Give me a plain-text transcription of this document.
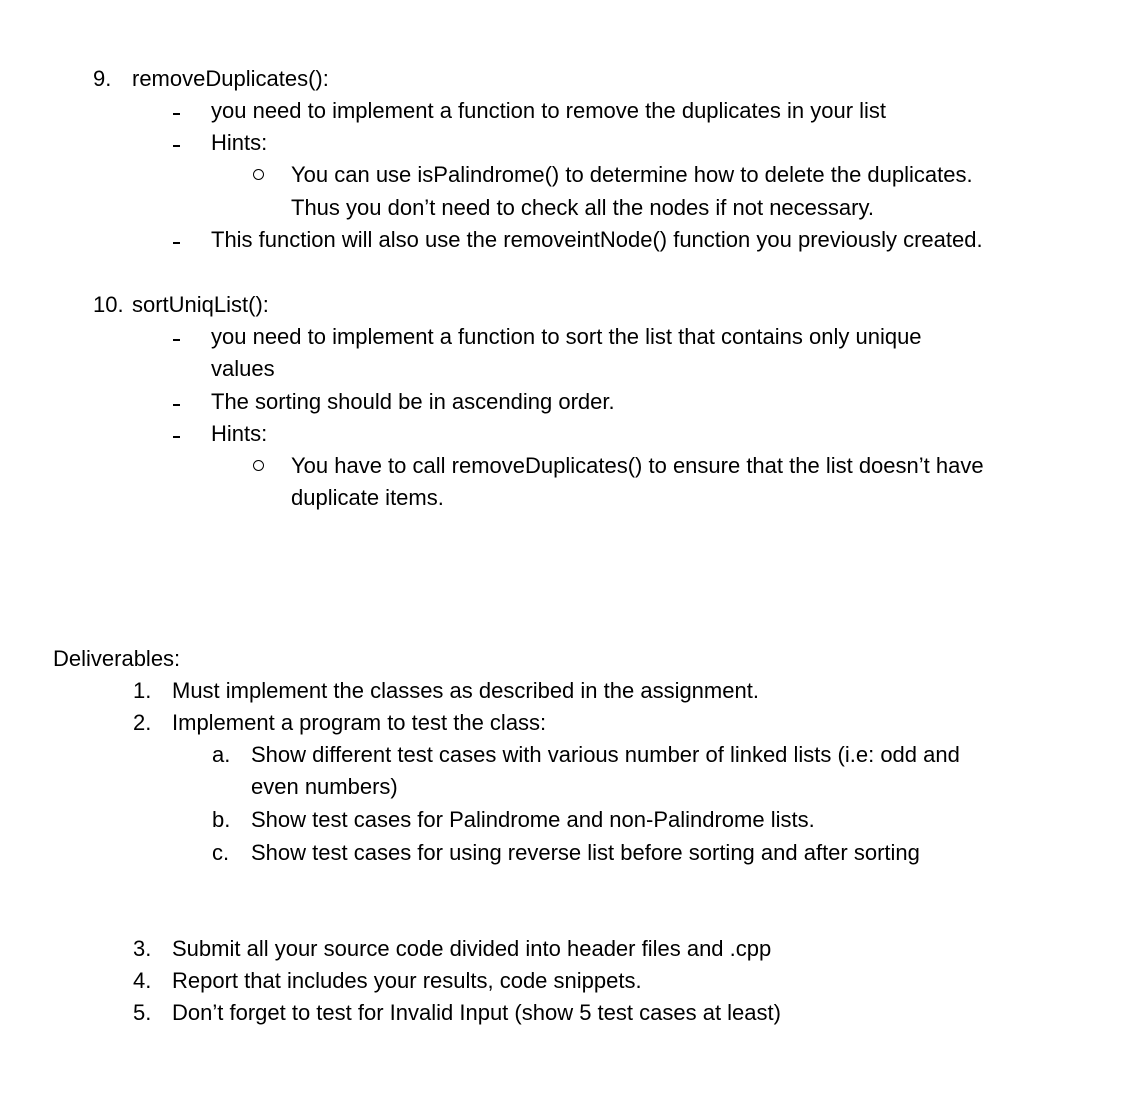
9. removeDuplicates():
you need to implement a function to remove the duplicates in your list
Hints:
You can use isPalindrome() to determine how to delete the duplicates.
Thus you don’t need to check all the nodes if not necessary.
This function will also use the removeintNode() function you previously created.
10. sortUniqList():
you need to implement a function to sort the list that contains only unique
values
The sorting should be in ascending order.
Hints:
You have to call removeDuplicates() to ensure that the list doesn’t have
duplicate items.
Deliverables:
1. Must implement the classes as described in the assignment.
2. Implement a program to test the class:
a. Show different test cases with various number of linked lists (i.e: odd and
even numbers)
b. Show test cases for Palindrome and non-Palindrome lists.
c. Show test cases for using reverse list before sorting and after sorting
3. Submit all your source code divided into header files and .cpp
4. Report that includes your results, code snippets.
5. Don’t forget to test for Invalid Input (show 5 test cases at least)
